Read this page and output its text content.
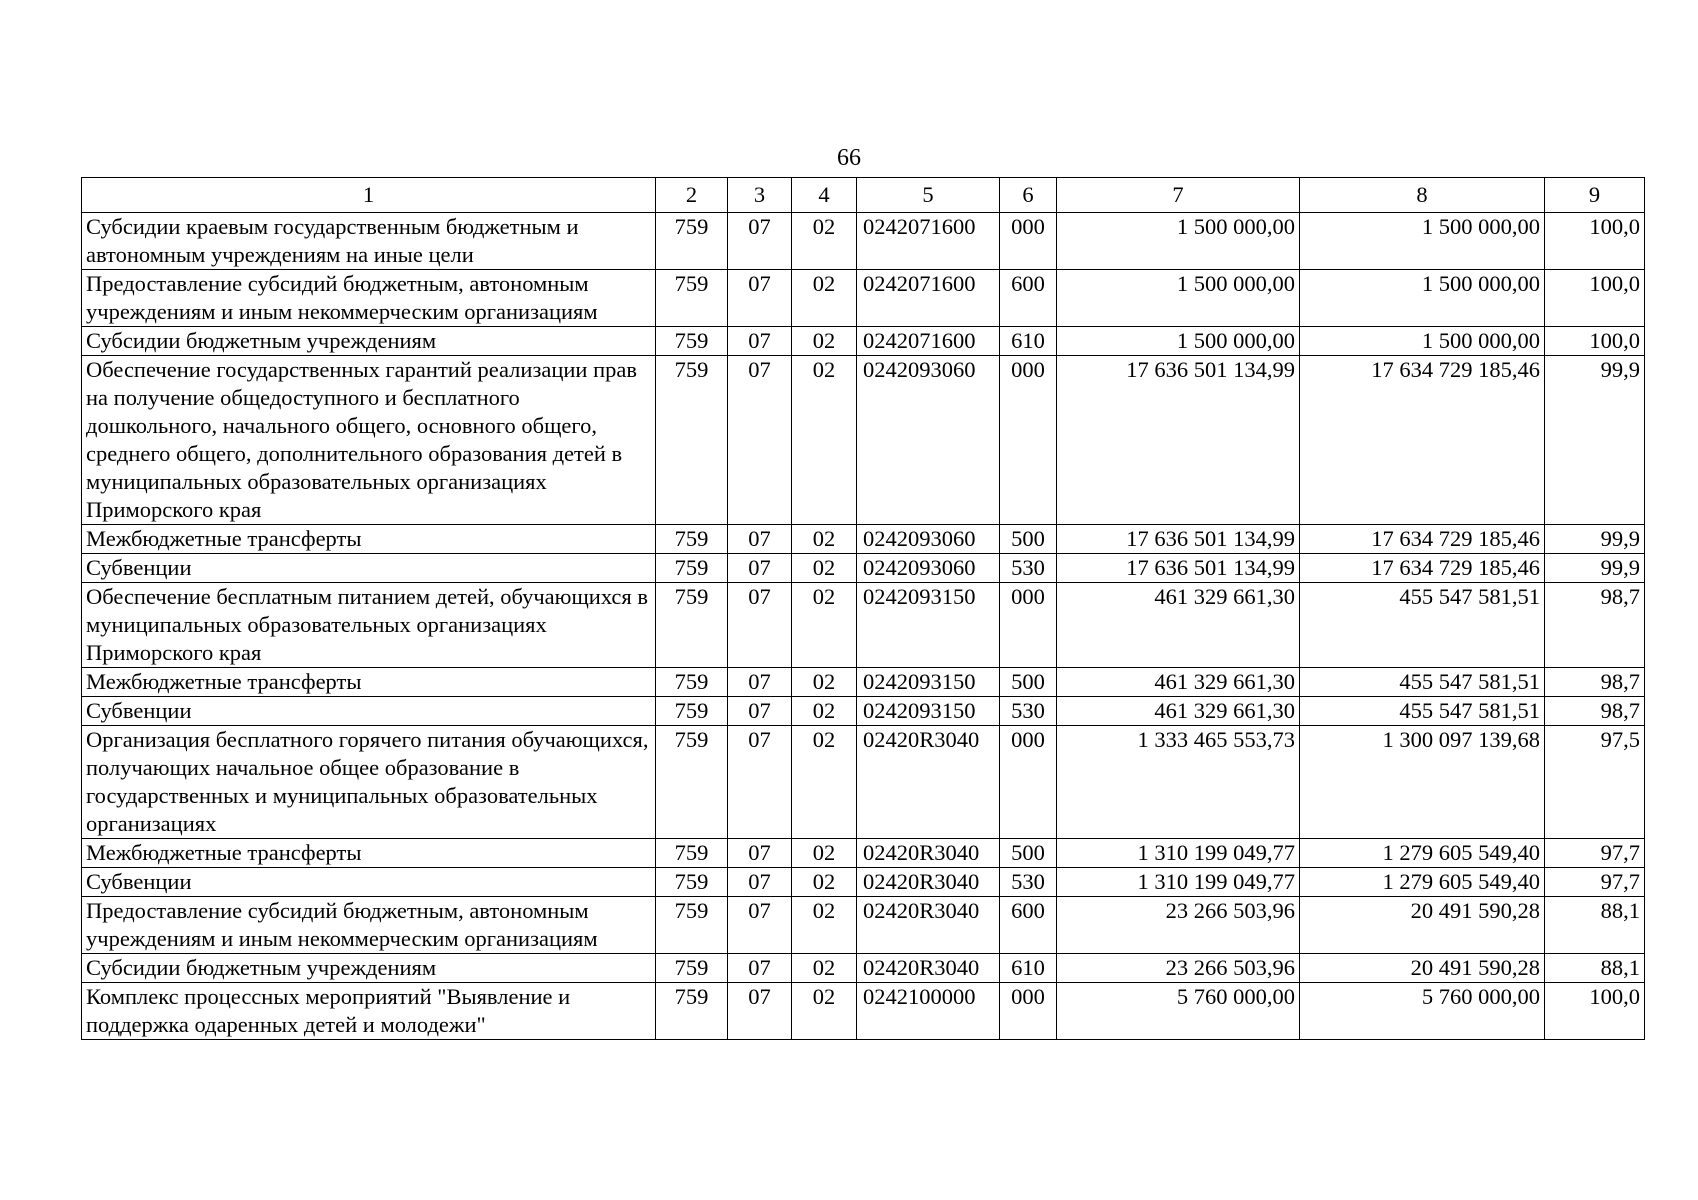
66
1	2	3	4	5	6	7	8	9
Субсидии краевым государственным бюджетным и автономным учреждениям на иные цели	759	07	02	0242071600	000	1 500 000,00	1 500 000,00	100,0
Предоставление субсидий бюджетным, автономным учреждениям и иным некоммерческим организациям	759	07	02	0242071600	600	1 500 000,00	1 500 000,00	100,0
Субсидии бюджетным учреждениям	759	07	02	0242071600	610	1 500 000,00	1 500 000,00	100,0
Обеспечение государственных гарантий реализации прав на получение общедоступного и бесплатного дошкольного, начального общего, основного общего, среднего общего, дополнительного образования детей в муниципальных образовательных организациях Приморского края	759	07	02	0242093060	000	17 636 501 134,99	17 634 729 185,46	99,9
Межбюджетные трансферты	759	07	02	0242093060	500	17 636 501 134,99	17 634 729 185,46	99,9
Субвенции	759	07	02	0242093060	530	17 636 501 134,99	17 634 729 185,46	99,9
Обеспечение бесплатным питанием детей, обучающихся в муниципальных образовательных организациях Приморского края	759	07	02	0242093150	000	461 329 661,30	455 547 581,51	98,7
Межбюджетные трансферты	759	07	02	0242093150	500	461 329 661,30	455 547 581,51	98,7
Субвенции	759	07	02	0242093150	530	461 329 661,30	455 547 581,51	98,7
Организация бесплатного горячего питания обучающихся, получающих начальное общее образование в государственных и муниципальных образовательных организациях	759	07	02	02420R3040	000	1 333 465 553,73	1 300 097 139,68	97,5
Межбюджетные трансферты	759	07	02	02420R3040	500	1 310 199 049,77	1 279 605 549,40	97,7
Субвенции	759	07	02	02420R3040	530	1 310 199 049,77	1 279 605 549,40	97,7
Предоставление субсидий бюджетным, автономным учреждениям и иным некоммерческим организациям	759	07	02	02420R3040	600	23 266 503,96	20 491 590,28	88,1
Субсидии бюджетным учреждениям	759	07	02	02420R3040	610	23 266 503,96	20 491 590,28	88,1
Комплекс процессных мероприятий "Выявление и поддержка одаренных детей и молодежи"	759	07	02	0242100000	000	5 760 000,00	5 760 000,00	100,0
